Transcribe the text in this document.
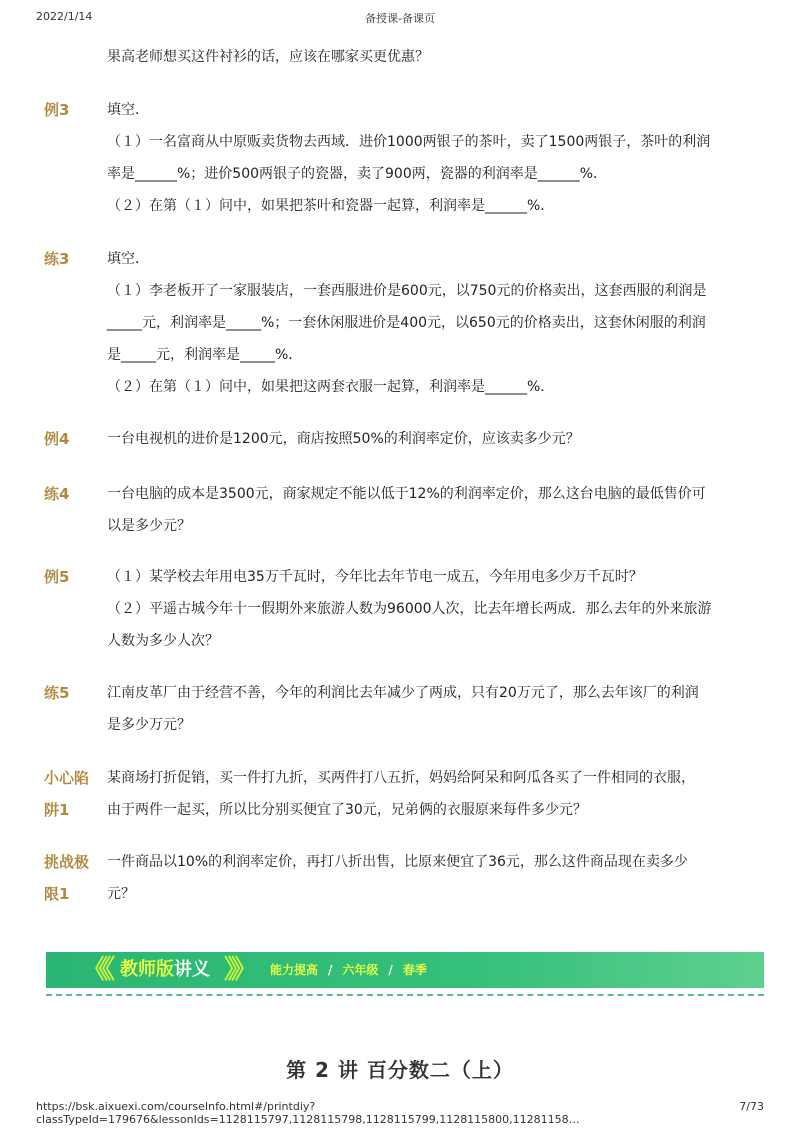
2022/1/14	备授课-备课页
果高老师想买这件衬衫的话，应该在哪家买更优惠？
例3	填空．
（１）一名富商从中原贩卖货物去西域．进价1000两银子的茶叶，卖了1500两银子，茶叶的利润
率是______%；进价500两银子的瓷器，卖了900两，瓷器的利润率是______%．
（２）在第（１）问中，如果把茶叶和瓷器一起算，利润率是______%．
练3	填空．
（１）李老板开了一家服装店，一套西服进价是600元，以750元的价格卖出，这套西服的利润是
_____元，利润率是_____%；一套休闲服进价是400元，以650元的价格卖出，这套休闲服的利润
是_____元，利润率是_____%．
（２）在第（１）问中，如果把这两套衣服一起算，利润率是______%．
例4	一台电视机的进价是1200元，商店按照50%的利润率定价，应该卖多少元？
练4	一台电脑的成本是3500元，商家规定不能以低于12%的利润率定价，那么这台电脑的最低售价可
以是多少元？
例5	（１）某学校去年用电35万千瓦时，今年比去年节电一成五，今年用电多少万千瓦时？
（２）平遥古城今年十一假期外来旅游人数为96000人次，比去年增长两成．那么去年的外来旅游
人数为多少人次？
练5	江南皮革厂由于经营不善，今年的利润比去年减少了两成，只有20万元了，那么去年该厂的利润
是多少万元？
小心陷
阱1
某商场打折促销，买一件打九折，买两件打八五折，妈妈给阿呆和阿瓜各买了一件相同的衣服，
由于两件一起买，所以比分别买便宜了30元，兄弟俩的衣服原来每件多少元？
挑战极
限1
一件商品以10%的利润率定价，再打八折出售，比原来便宜了36元，那么这件商品现在卖多少
元？
《《 教师版讲义 》》 能力提高 / 六年级 / 春季
第 2 讲 百分数二（上）
https://bsk.aixuexi.com/courseInfo.html#/printdiy?classTypeId=179676&lessonIds=1128115797,1128115798,1128115799,1128115800,11281158…
7/73
